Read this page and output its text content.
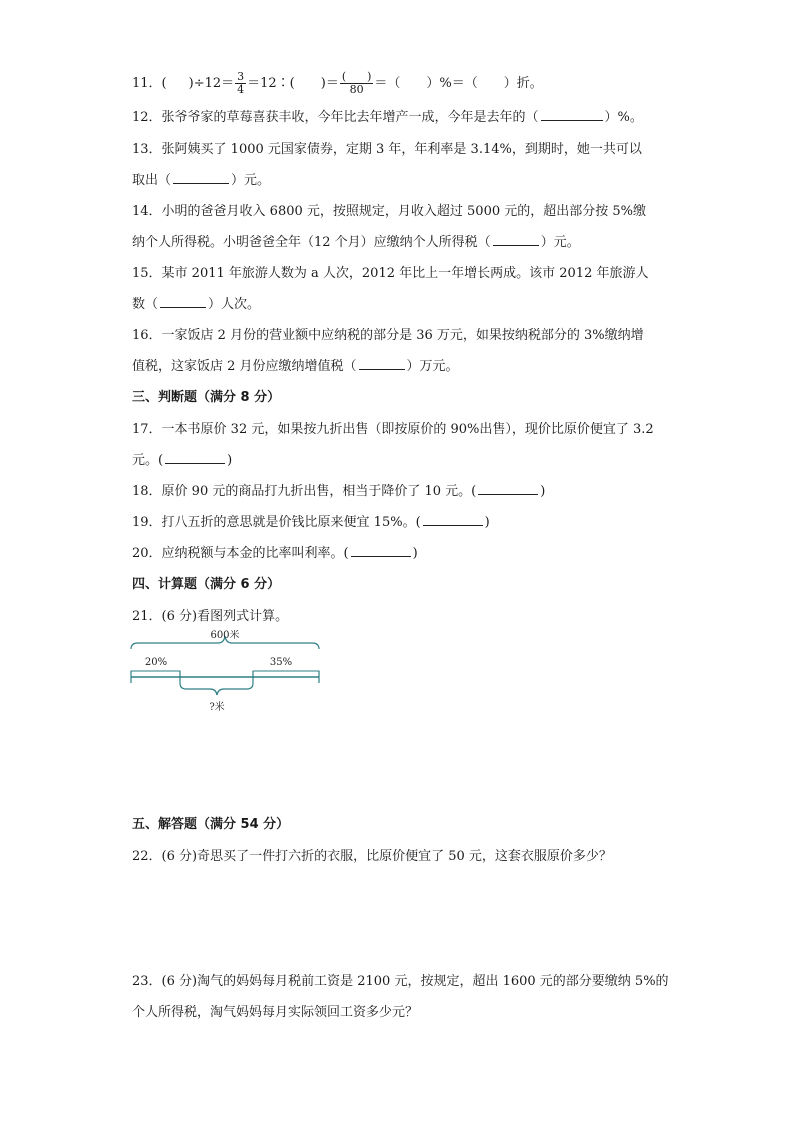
11．( )$\div 12= \frac{3}{4}$ ＝12∶( )＝ $\frac{( )}{80}$ ＝（ ）%＝（ ）折。
12．张爷爷家的草莓喜获丰收，今年比去年增产一成，今年是去年的（	）%。
13．张阿姨买了 1000 元国家债券，定期 3 年，年利率是 3.14%，到期时，她一共可以
取出（	）元。
14．小明的爸爸月收入 6800 元，按照规定，月收入超过 5000 元的，超出部分按 5%缴
纳个人所得税。小明爸爸全年（12 个月）应缴纳个人所得税（	）元。
15．某市 2011 年旅游人数为 a 人次，2012 年比上一年增长两成。该市 2012 年旅游人
数（	）人次。
16．一家饭店 2 月份的营业额中应纳税的部分是 36 万元，如果按纳税部分的 3%缴纳增
值税，这家饭店 2 月份应缴纳增值税（	）万元。
三、判断题（满分 8 分）
17．一本书原价 32 元，如果按九折出售（即按原价的 90%出售），现价比原价便宜了 3.2
元。(	)
18．原价 90 元的商品打九折出售，相当于降价了 10 元。(	)
19．打八五折的意思就是价钱比原来便宜 15%。(	)
20．应纳税额与本金的比率叫利率。(	)
四、计算题（满分 6 分）
21．(6 分)看图列式计算。
600米
20%	35%
?米
五、解答题（满分 54 分）
22．(6 分)奇思买了一件打六折的衣服，比原价便宜了 50 元，这套衣服原价多少？
23．(6 分)淘气的妈妈每月税前工资是 2100 元，按规定，超出 1600 元的部分要缴纳 5%的
个人所得税，淘气妈妈每月实际领回工资多少元？
